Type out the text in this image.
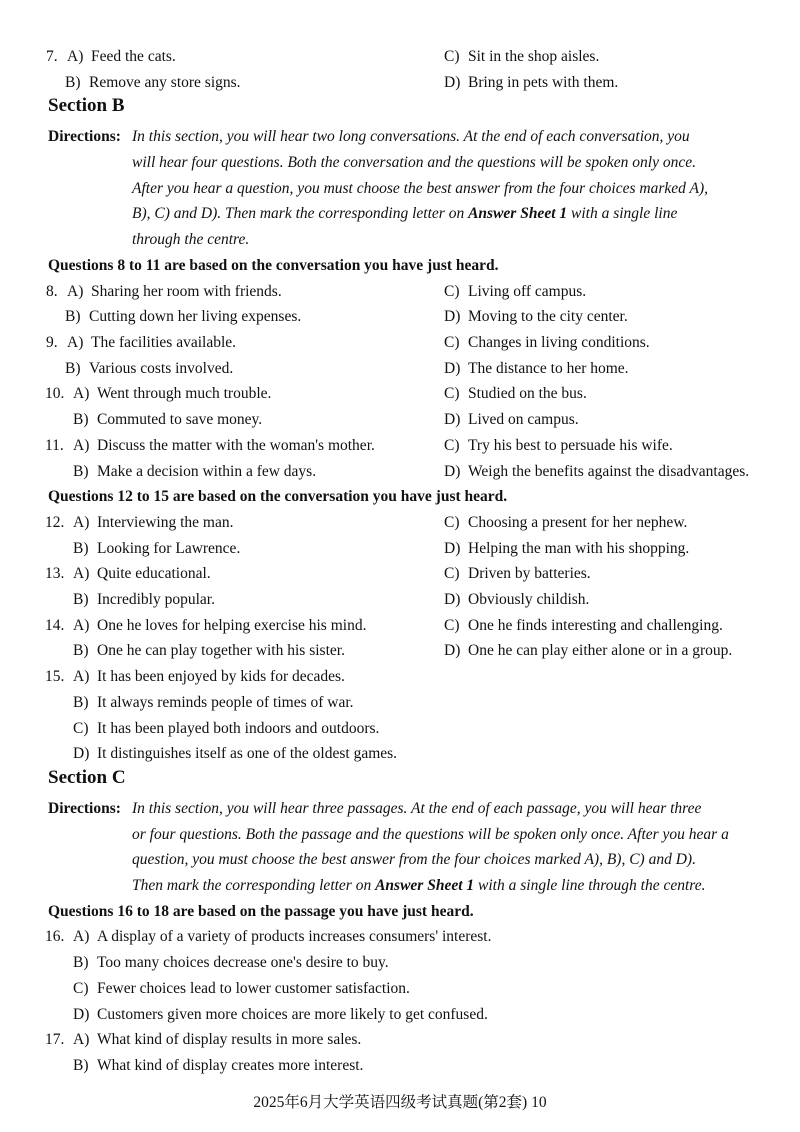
7. A) Feed the cats.	C) Sit in the shop aisles.
B) Remove any store signs.	D) Bring in pets with them.
Section B
Directions: In this section, you will hear two long conversations. At the end of each conversation, you
will hear four questions. Both the conversation and the questions will be spoken only once.
After you hear a question, you must choose the best answer from the four choices marked A),
B), C) and D). Then mark the corresponding letter on Answer Sheet 1 with a single line
through the centre.
Questions 8 to 11 are based on the conversation you have just heard.
8. A) Sharing her room with friends.	C) Living off campus.
B) Cutting down her living expenses.	D) Moving to the city center.
9. A) The facilities available.	C) Changes in living conditions.
B) Various costs involved.	D) The distance to her home.
10. A) Went through much trouble.	C) Studied on the bus.
B) Commuted to save money.	D) Lived on campus.
11. A) Discuss the matter with the woman's mother.	C) Try his best to persuade his wife.
B) Make a decision within a few days.	D) Weigh the benefits against the disadvantages.
Questions 12 to 15 are based on the conversation you have just heard.
12. A) Interviewing the man.	C) Choosing a present for her nephew.
B) Looking for Lawrence.	D) Helping the man with his shopping.
13. A) Quite educational.	C) Driven by batteries.
B) Incredibly popular.	D) Obviously childish.
14. A) One he loves for helping exercise his mind.	C) One he finds interesting and challenging.
B) One he can play together with his sister.	D) One he can play either alone or in a group.
15. A) It has been enjoyed by kids for decades.
B) It always reminds people of times of war.
C) It has been played both indoors and outdoors.
D) It distinguishes itself as one of the oldest games.
Section C
Directions: In this section, you will hear three passages. At the end of each passage, you will hear three
or four questions. Both the passage and the questions will be spoken only once. After you hear a
question, you must choose the best answer from the four choices marked A), B), C) and D).
Then mark the corresponding letter on Answer Sheet 1 with a single line through the centre.
Questions 16 to 18 are based on the passage you have just heard.
16. A) A display of a variety of products increases consumers' interest.
B) Too many choices decrease one's desire to buy.
C) Fewer choices lead to lower customer satisfaction.
D) Customers given more choices are more likely to get confused.
17. A) What kind of display results in more sales.
B) What kind of display creates more interest.
2025年6月大学英语四级考试真题(第2套) 10
